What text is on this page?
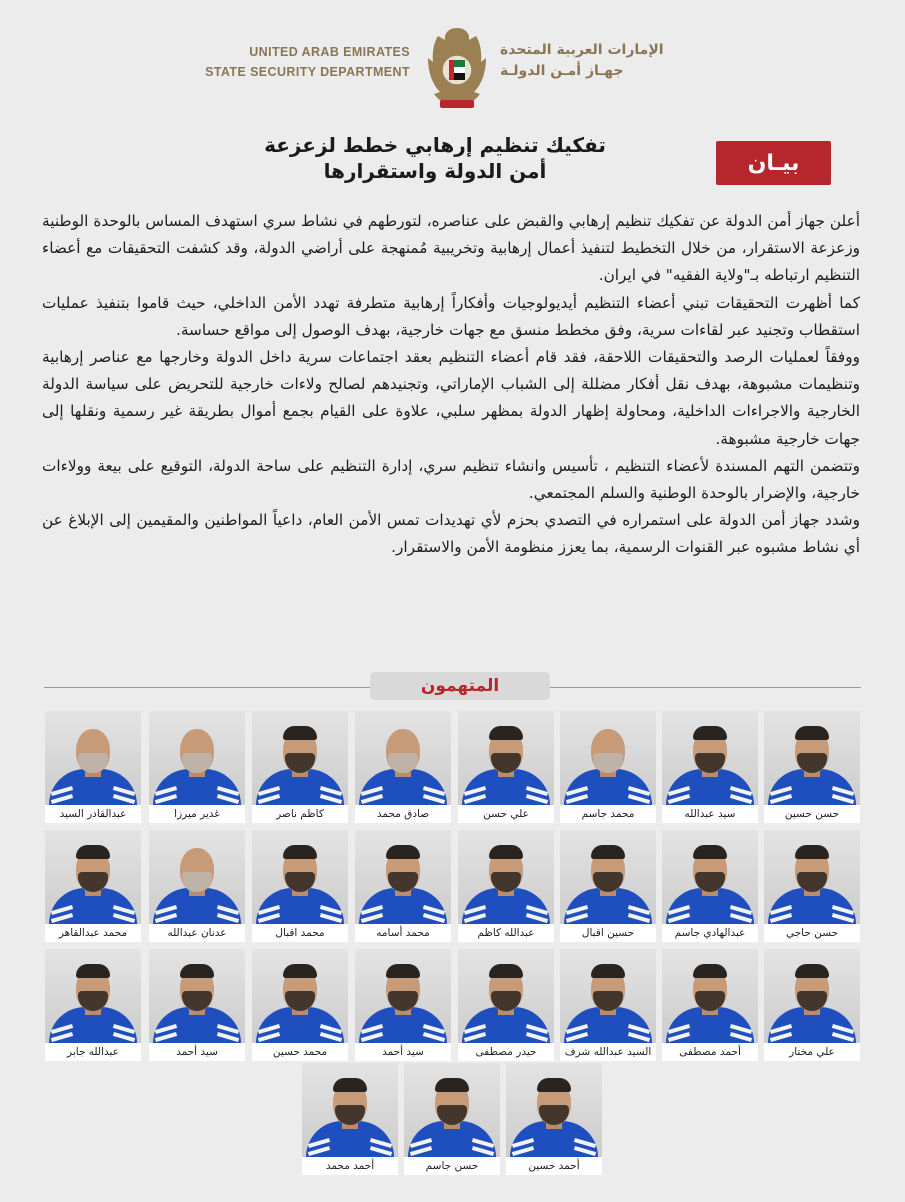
UNITED ARAB EMIRATES
STATE SECURITY DEPARTMENT
الإمارات العربية المتحدة
جهـاز أمـن الدولـة
بيـان
تفكيك تنظيم إرهابي خطط لزعزعة
أمن الدولة واستقرارها

أعلن جهاز أمن الدولة عن تفكيك تنظيم إرهابي والقبض على عناصره، لتورطهم في نشاط سري استهدف المساس بالوحدة الوطنية وزعزعة الاستقرار، من خلال التخطيط لتنفيذ أعمال إرهابية وتخريبية مُمنهجة على أراضي الدولة، وقد كشفت التحقيقات مع أعضاء التنظيم ارتباطه بـ"ولاية الفقيه" في ايران.

كما أظهرت التحقيقات تبني أعضاء التنظيم أيديولوجيات وأفكاراً إرهابية متطرفة تهدد الأمن الداخلي، حيث قاموا بتنفيذ عمليات استقطاب وتجنيد عبر لقاءات سرية، وفق مخطط منسق مع جهات خارجية، بهدف الوصول إلى مواقع حساسة.

ووفقاً لعمليات الرصد والتحقيقات اللاحقة، فقد قام أعضاء التنظيم بعقد اجتماعات سرية داخل الدولة وخارجها مع عناصر إرهابية وتنظيمات مشبوهة، بهدف نقل أفكار مضللة إلى الشباب الإماراتي، وتجنيدهم لصالح ولاءات خارجية للتحريض على سياسة الدولة الخارجية والاجراءات الداخلية، ومحاولة إظهار الدولة بمظهر سلبي، علاوة على القيام بجمع أموال بطريقة غير رسمية ونقلها إلى جهات خارجية مشبوهة.

وتتضمن التهم المسندة لأعضاء التنظيم ، تأسيس وانشاء تنظيم سري، إدارة التنظيم على ساحة الدولة، التوقيع على بيعة وولاءات خارجية، والإضرار بالوحدة الوطنية والسلم المجتمعي.

وشدد جهاز أمن الدولة على استمراره في التصدي بحزم لأي تهديدات تمس الأمن العام، داعياً المواطنين والمقيمين إلى الإبلاغ عن أي نشاط مشبوه عبر القنوات الرسمية، بما يعزز منظومة الأمن والاستقرار.

المتهمون
حسن حسين
سيد عبدالله
محمد جاسم
علي حسن
صادق محمد
كاظم ناصر
غدير ميرزا
عبدالقادر السيد
حسن حاجي
عبدالهادي جاسم
حسين اقبال
عبدالله كاظم
محمد أسامه
محمد اقبال
عدنان عبدالله
محمد عبدالقاهر
علي مختار
أحمد مصطفى
السيد عبدالله شرف
حيدر مصطفى
سيد أحمد
محمد حسين
سيد أحمد
عبدالله جابر
أحمد حسين
حسن جاسم
أحمد محمد
